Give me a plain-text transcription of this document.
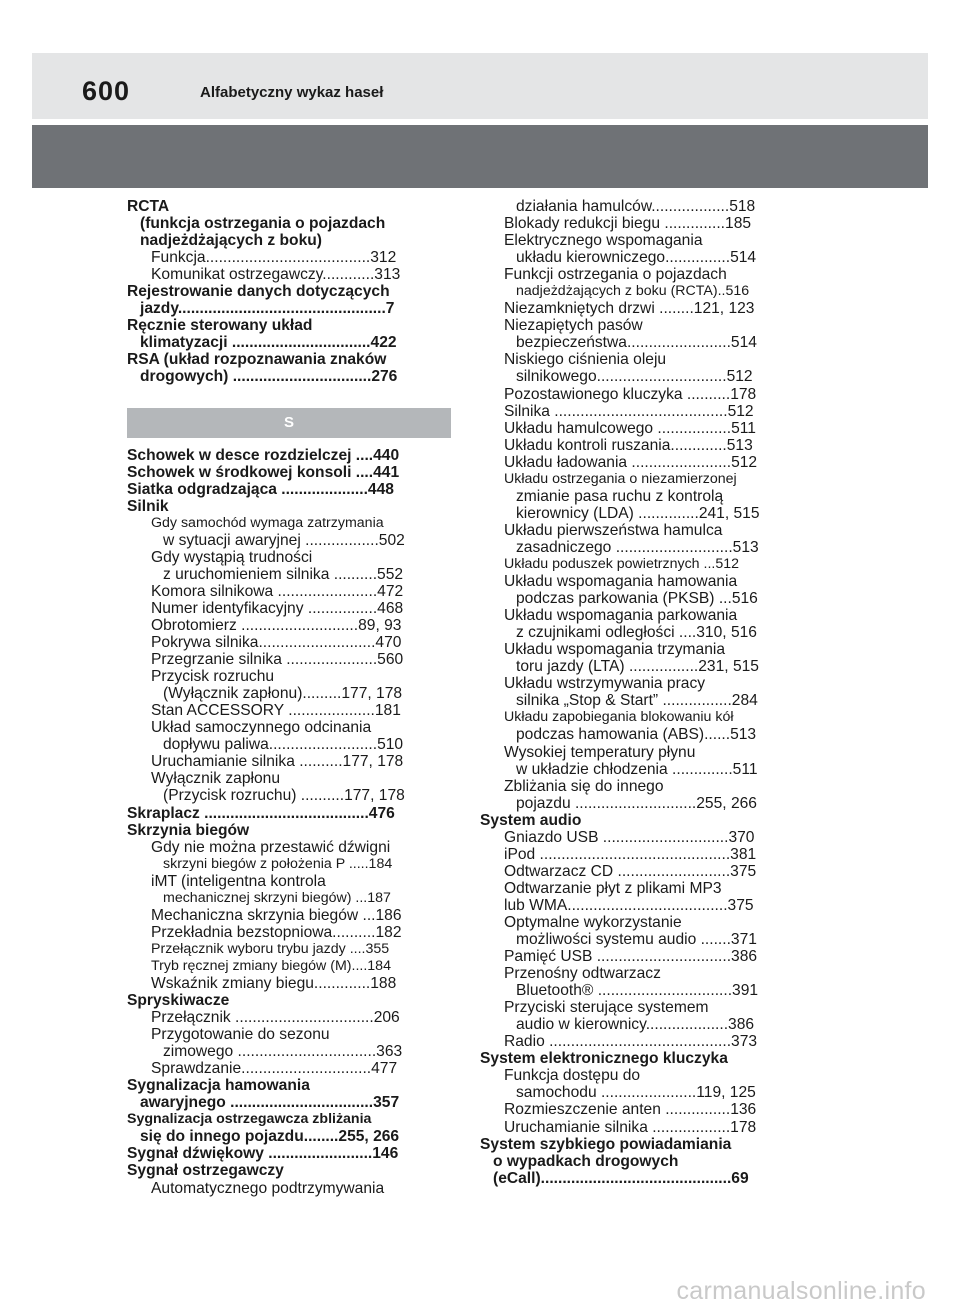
600	Alfabetyczny wykaz haseł
RCTA
(funkcja ostrzegania o pojazdach
nadjeżdżających z boku)
Funkcja......................................312
Komunikat ostrzegawczy............313
Rejestrowanie danych dotyczących
jazdy................................................7
Ręcznie sterowany układ
klimatyzacji ................................422
RSA (układ rozpoznawania znaków
drogowych) ................................276
S
Schowek w desce rozdzielczej ....440
Schowek w środkowej konsoli ....441
Siatka odgradzająca ....................448
Silnik
Gdy samochód wymaga zatrzymania
w sytuacji awaryjnej .................502
Gdy wystąpią trudności
z uruchomieniem silnika ..........552
Komora silnikowa .......................472
Numer identyfikacyjny ................468
Obrotomierz ...........................89, 93
Pokrywa silnika...........................470
Przegrzanie silnika .....................560
Przycisk rozruchu
(Wyłącznik zapłonu).........177, 178
Stan ACCESSORY ....................181
Układ samoczynnego odcinania
dopływu paliwa.........................510
Uruchamianie silnika ..........177, 178
Wyłącznik zapłonu
(Przycisk rozruchu) ..........177, 178
Skraplacz ......................................476
Skrzynia biegów
Gdy nie można przestawić dźwigni
skrzyni biegów z położenia P .....184
iMT (inteligentna kontrola
mechanicznej skrzyni biegów) ...187
Mechaniczna skrzynia biegów ...186
Przekładnia bezstopniowa..........182
Przełącznik wyboru trybu jazdy ....355
Tryb ręcznej zmiany biegów (M)....184
Wskaźnik zmiany biegu.............188
Spryskiwacze
Przełącznik ................................206
Przygotowanie do sezonu
zimowego ................................363
Sprawdzanie..............................477
Sygnalizacja hamowania
awaryjnego .................................357
Sygnalizacja ostrzegawcza zbliżania
się do innego pojazdu........255, 266
Sygnał dźwiękowy ........................146
Sygnał ostrzegawczy
Automatycznego podtrzymywania
działania hamulców..................518
Blokady redukcji biegu ..............185
Elektrycznego wspomagania
układu kierowniczego...............514
Funkcji ostrzegania o pojazdach
nadjeżdżających z boku (RCTA)..516
Niezamkniętych drzwi ........121, 123
Niezapiętych pasów
bezpieczeństwa........................514
Niskiego ciśnienia oleju
silnikowego..............................512
Pozostawionego kluczyka ..........178
Silnika ........................................512
Układu hamulcowego .................511
Układu kontroli ruszania.............513
Układu ładowania .......................512
Układu ostrzegania o niezamierzonej
zmianie pasa ruchu z kontrolą
kierownicy (LDA) ..............241, 515
Układu pierwszeństwa hamulca
zasadniczego ...........................513
Układu poduszek powietrznych ...512
Układu wspomagania hamowania
podczas parkowania (PKSB) ...516
Układu wspomagania parkowania
z czujnikami odległości ....310, 516
Układu wspomagania trzymania
toru jazdy (LTA) ................231, 515
Układu wstrzymywania pracy
silnika „Stop & Start” ................284
Układu zapobiegania blokowaniu kół
podczas hamowania (ABS)......513
Wysokiej temperatury płynu
w układzie chłodzenia ..............511
Zbliżania się do innego
pojazdu ............................255, 266
System audio
Gniazdo USB .............................370
iPod ............................................381
Odtwarzacz CD ..........................375
Odtwarzanie płyt z plikami MP3
lub WMA.....................................375
Optymalne wykorzystanie
możliwości systemu audio .......371
Pamięć USB ...............................386
Przenośny odtwarzacz
Bluetooth® ...............................391
Przyciski sterujące systemem
audio w kierownicy...................386
Radio ..........................................373
System elektronicznego kluczyka
Funkcja dostępu do
samochodu ......................119, 125
Rozmieszczenie anten ...............136
Uruchamianie silnika ..................178
System szybkiego powiadamiania
o wypadkach drogowych
(eCall)............................................69
carmanualsonline.info
